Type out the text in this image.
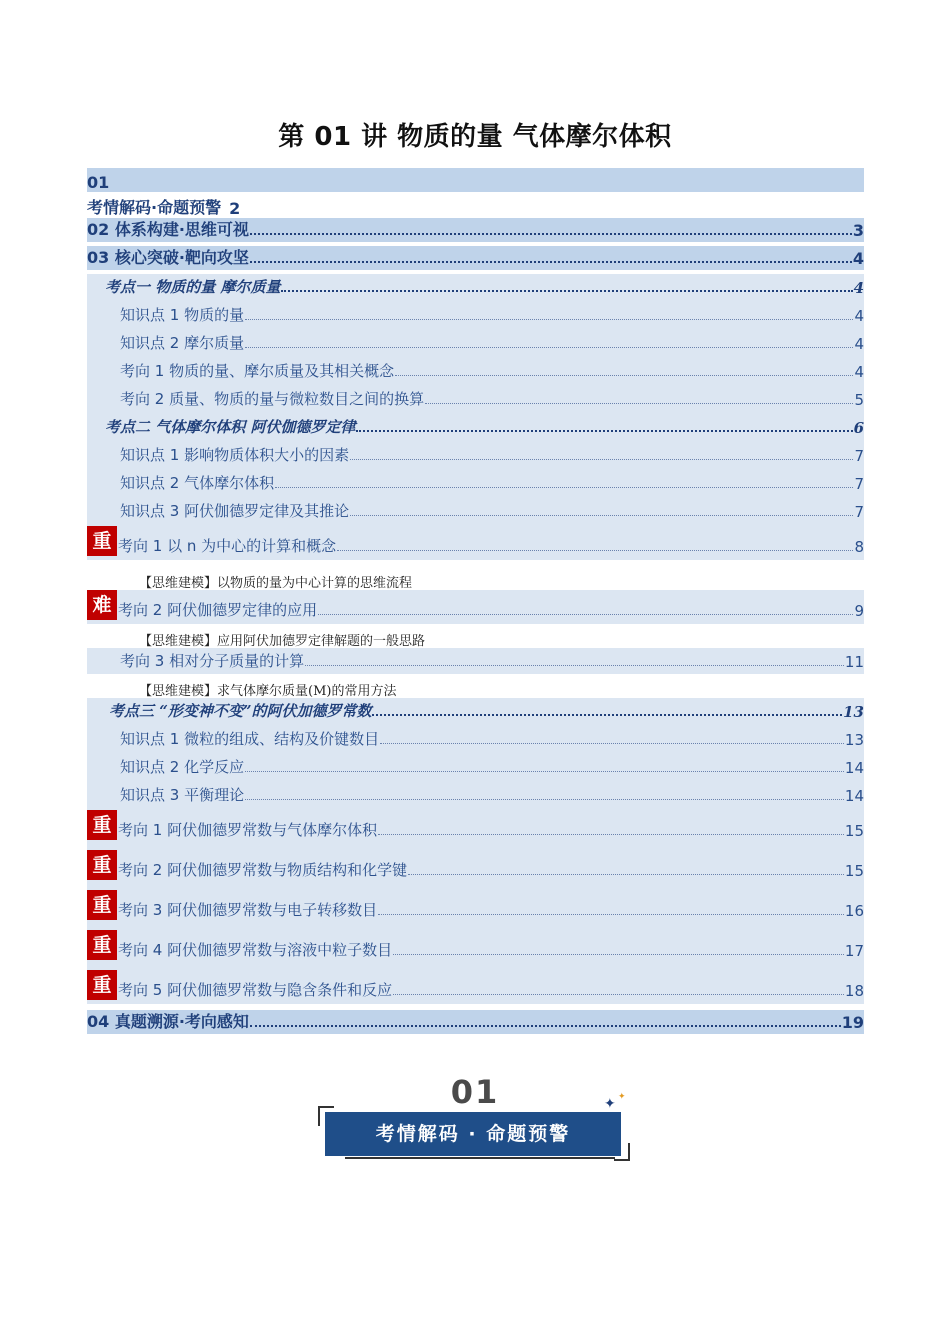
第 01 讲 物质的量 气体摩尔体积
01
考情解码·命题预警 2
02 体系构建·思维可视	3
03 核心突破·靶向攻坚	4
考点一 物质的量 摩尔质量	4
知识点 1 物质的量	4
知识点 2 摩尔质量	4
考向 1 物质的量、摩尔质量及其相关概念	4
考向 2 质量、物质的量与微粒数目之间的换算	5
考点二 气体摩尔体积 阿伏伽德罗定律	6
知识点 1 影响物质体积大小的因素	7
知识点 2 气体摩尔体积	7
知识点 3 阿伏伽德罗定律及其推论	7
重 考向 1 以 n 为中心的计算和概念	8
【思维建模】以物质的量为中心计算的思维流程
难 考向 2 阿伏伽德罗定律的应用	9
【思维建模】应用阿伏加德罗定律解题的一般思路
考向 3 相对分子质量的计算	11
【思维建模】求气体摩尔质量(M)的常用方法
考点三 “形变神不变”的阿伏加德罗常数	13
知识点 1 微粒的组成、结构及价键数目	13
知识点 2 化学反应	14
知识点 3 平衡理论	14
重 考向 1 阿伏伽德罗常数与气体摩尔体积	15
重 考向 2 阿伏伽德罗常数与物质结构和化学键	15
重 考向 3 阿伏伽德罗常数与电子转移数目	16
重 考向 4 阿伏伽德罗常数与溶液中粒子数目	17
重 考向 5 阿伏伽德罗常数与隐含条件和反应	18
04 真题溯源·考向感知	19
01
考情解码 · 命题预警
✦ ✦
